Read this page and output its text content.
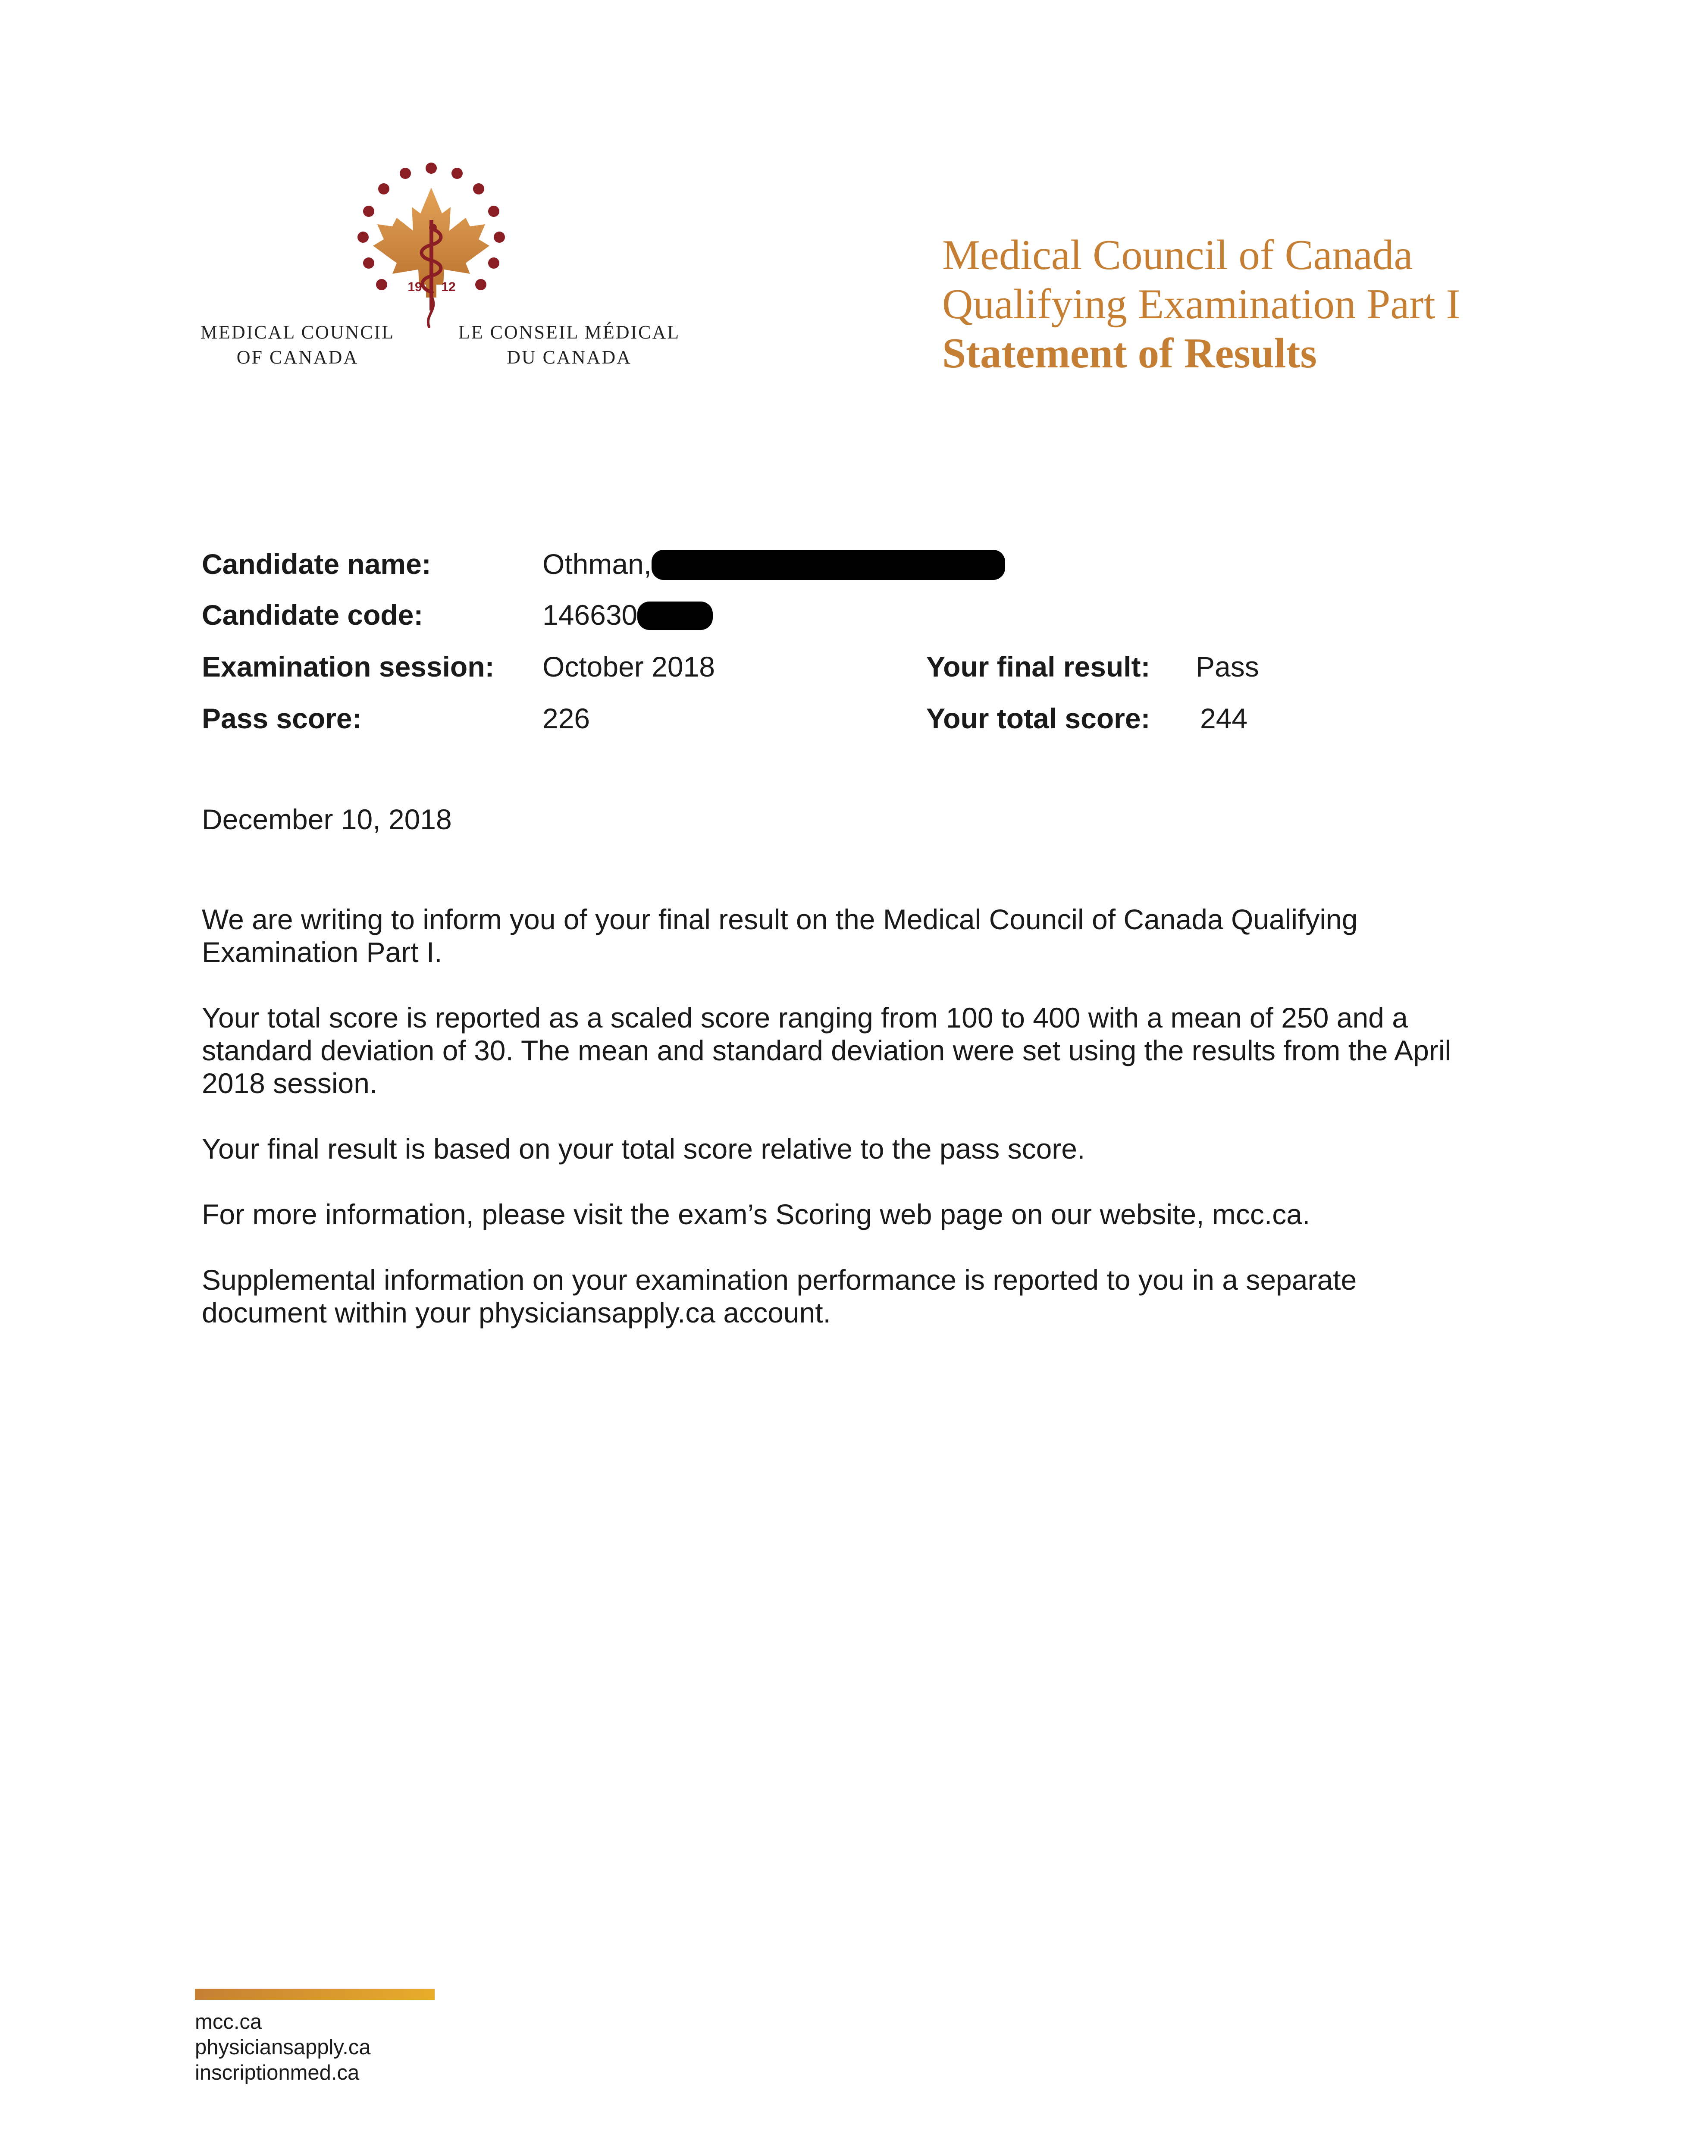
19 12
MEDICAL COUNCIL
OF CANADA
LE CONSEIL MÉDICAL
DU CANADA
Medical Council of Canada
Qualifying Examination Part I
Statement of Results
Candidate name:	Othman,
Candidate code:	146630
Examination session: October 2018	Your final result: Pass
Pass score:	226	Your total score: 244

December 10, 2018

We are writing to inform you of your final result on the Medical Council of Canada Qualifying Examination Part I.

Your total score is reported as a scaled score ranging from 100 to 400 with a mean of 250 and a standard deviation of 30. The mean and standard deviation were set using the results from the April 2018 session.

Your final result is based on your total score relative to the pass score.

For more information, please visit the exam’s Scoring web page on our website, mcc.ca.

Supplemental information on your examination performance is reported to you in a separate document within your physiciansapply.ca account.

mcc.ca
physiciansapply.ca
inscriptionmed.ca
